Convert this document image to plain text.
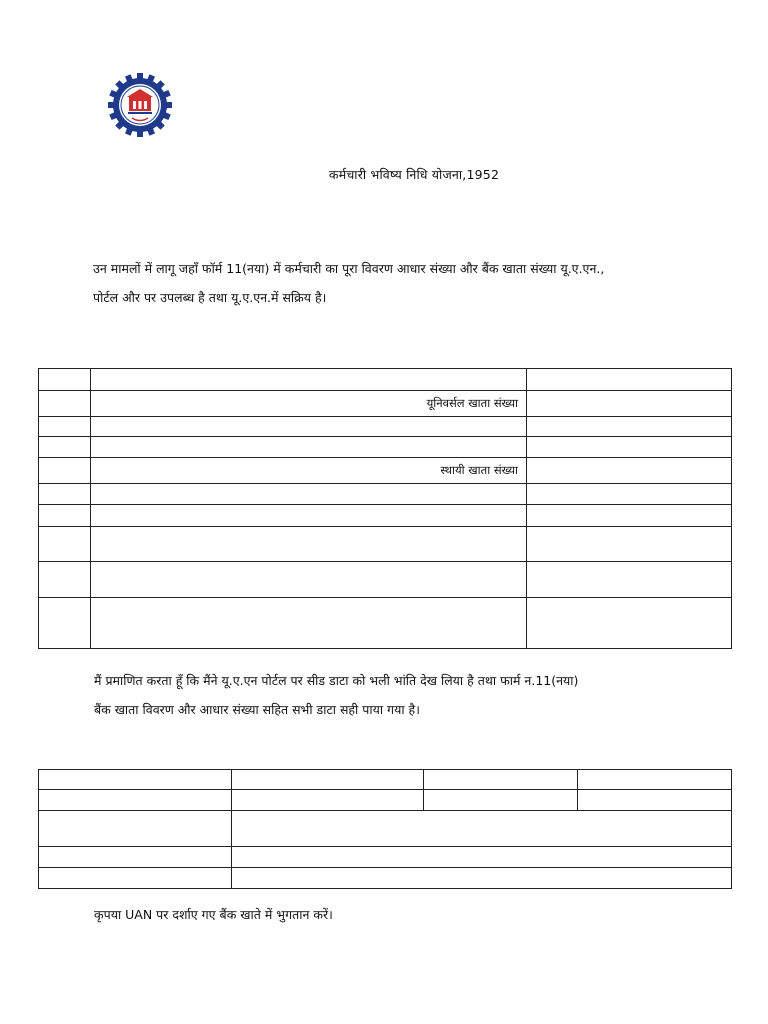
कर्मचारी भविष्य निधि योजना,1952

उन मामलों में लागू जहाँ फॉर्म 11(नया) में कर्मचारी का पूरा विवरण आधार संख्या और बैंक खाता संख्या यू.ए.एन.,

पोर्टल और पर उपलब्ध है तथा यू.ए.एन.में सक्रिय है।

	यूनिवर्सल खाता संख्या	

	स्थायी खाता संख्या	

मैं प्रमाणित करता हूँ कि मैंने यू.ए.एन पोर्टल पर सीड डाटा को भली भांति देख लिया है तथा फार्म न.11(नया)

बैंक खाता विवरण और आधार संख्या सहित सभी डाटा सही पाया गया है।

कृपया UAN पर दर्शाए गए बैंक खाते में भुगतान करें।
